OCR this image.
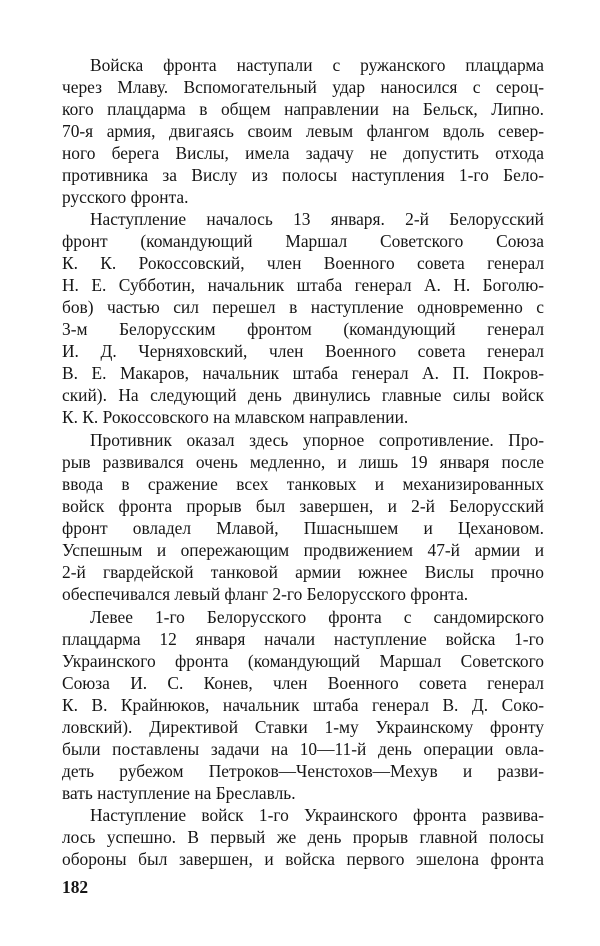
Войска фронта наступали с ружанского плацдарма
через Млаву. Вспомогательный удар наносился с сероц-
кого плацдарма в общем направлении на Бельск, Липно.
70-я армия, двигаясь своим левым флангом вдоль север-
ного берега Вислы, имела задачу не допустить отхода
противника за Вислу из полосы наступления 1-го Бело-
русского фронта.
Наступление началось 13 января. 2-й Белорусский
фронт (командующий Маршал Советского Союза
К. К. Рокоссовский, член Военного совета генерал
Н. Е. Субботин, начальник штаба генерал А. Н. Боголю-
бов) частью сил перешел в наступление одновременно с
3-м Белорусским фронтом (командующий генерал
И. Д. Черняховский, член Военного совета генерал
В. Е. Макаров, начальник штаба генерал А. П. Покров-
ский). На следующий день двинулись главные силы войск
К. К. Рокоссовского на млавском направлении.
Противник оказал здесь упорное сопротивление. Про-
рыв развивался очень медленно, и лишь 19 января после
ввода в сражение всех танковых и механизированных
войск фронта прорыв был завершен, и 2-й Белорусский
фронт овладел Млавой, Пшаснышем и Цехановом.
Успешным и опережающим продвижением 47-й армии и
2-й гвардейской танковой армии южнее Вислы прочно
обеспечивался левый фланг 2-го Белорусского фронта.
Левее 1-го Белорусского фронта с сандомирского
плацдарма 12 января начали наступление войска 1-го
Украинского фронта (командующий Маршал Советского
Союза И. С. Конев, член Военного совета генерал
К. В. Крайнюков, начальник штаба генерал В. Д. Соко-
ловский). Директивой Ставки 1-му Украинскому фронту
были поставлены задачи на 10—11-й день операции овла-
деть рубежом Петроков—Ченстохов—Мехув и разви-
вать наступление на Бреславль.
Наступление войск 1-го Украинского фронта развива-
лось успешно. В первый же день прорыв главной полосы
обороны был завершен, и войска первого эшелона фронта
182
